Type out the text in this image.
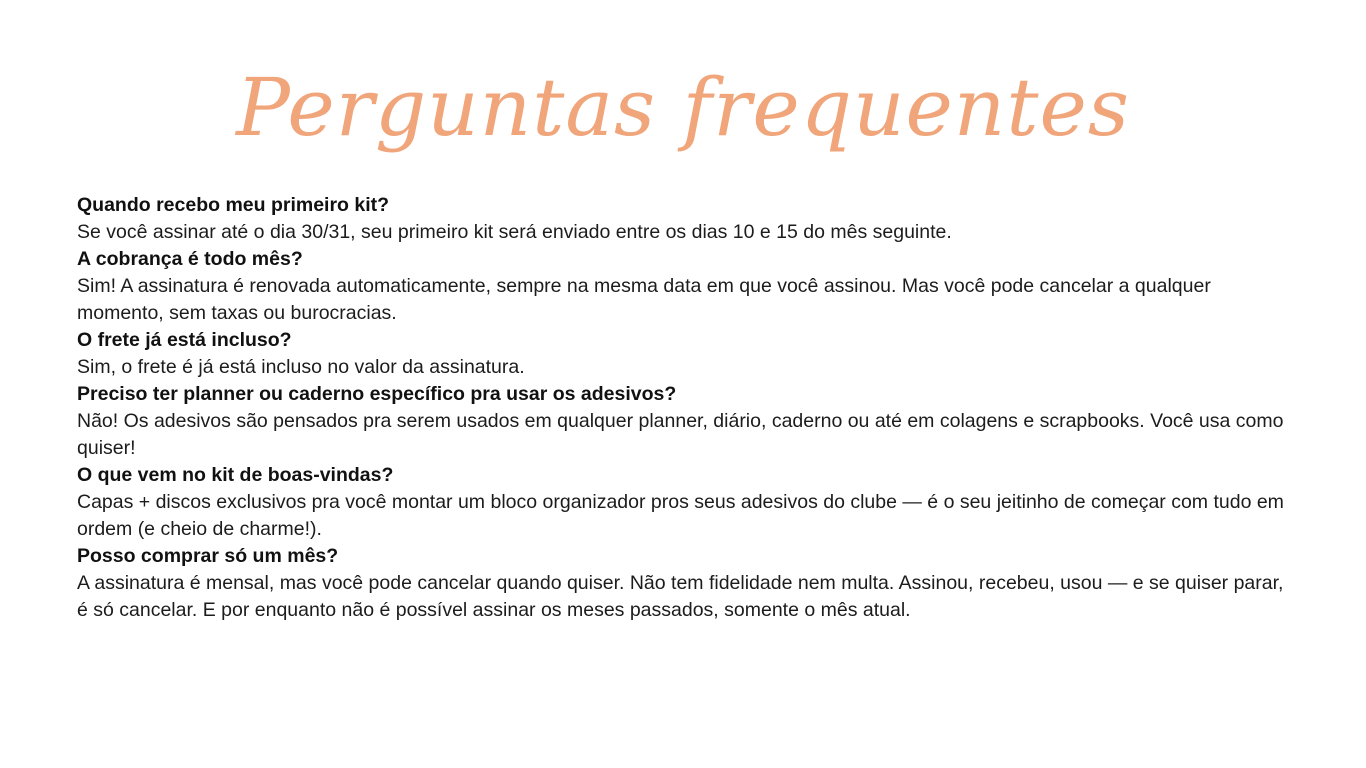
Perguntas frequentes
Quando recebo meu primeiro kit?
Se você assinar até o dia 30/31, seu primeiro kit será enviado entre os dias 10 e 15 do mês seguinte.
A cobrança é todo mês?
Sim! A assinatura é renovada automaticamente, sempre na mesma data em que você assinou. Mas você pode cancelar a qualquer momento, sem taxas ou burocracias.
O frete já está incluso?
Sim, o frete é já está incluso no valor da assinatura.
Preciso ter planner ou caderno específico pra usar os adesivos?
Não! Os adesivos são pensados pra serem usados em qualquer planner, diário, caderno ou até em colagens e scrapbooks. Você usa como quiser!
O que vem no kit de boas-vindas?
Capas + discos exclusivos pra você montar um bloco organizador pros seus adesivos do clube — é o seu jeitinho de começar com tudo em ordem (e cheio de charme!).
Posso comprar só um mês?
A assinatura é mensal, mas você pode cancelar quando quiser. Não tem fidelidade nem multa. Assinou, recebeu, usou — e se quiser parar, é só cancelar. E por enquanto não é possível assinar os meses passados, somente o mês atual.
